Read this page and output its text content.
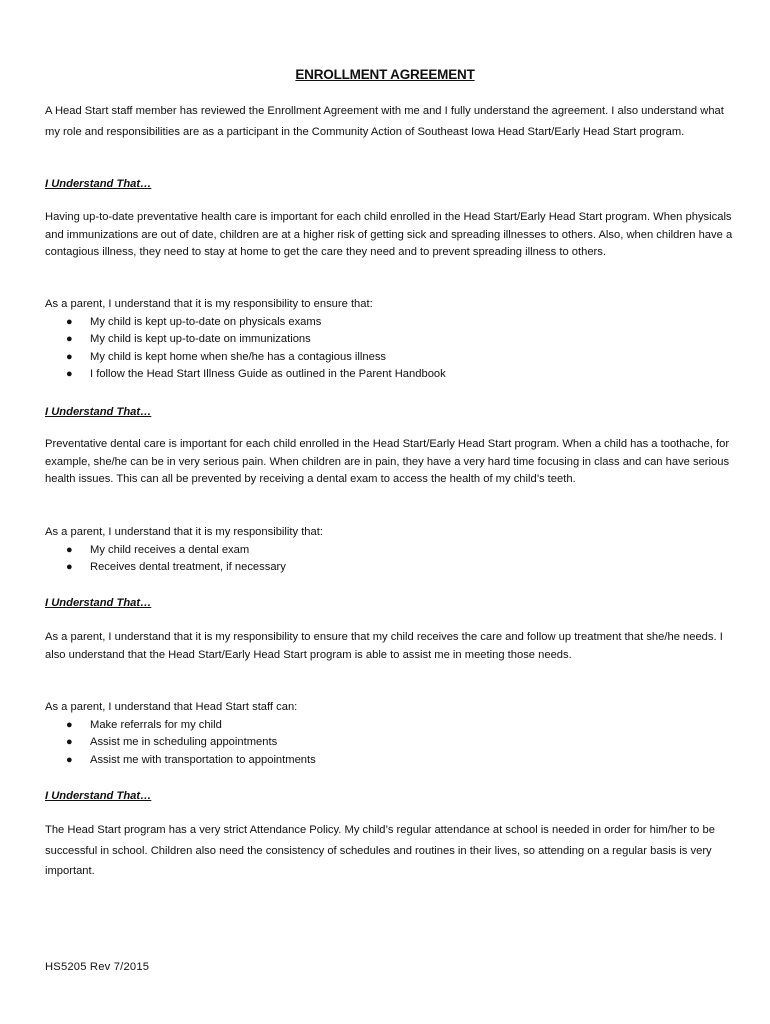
ENROLLMENT AGREEMENT

A Head Start staff member has reviewed the Enrollment Agreement with me and I fully understand the agreement. I also understand what my role and responsibilities are as a participant in the Community Action of Southeast Iowa Head Start/Early Head Start program.

I Understand That…

Having up-to-date preventative health care is important for each child enrolled in the Head Start/Early Head Start program. When physicals and immunizations are out of date, children are at a higher risk of getting sick and spreading illnesses to others. Also, when children have a contagious illness, they need to stay at home to get the care they need and to prevent spreading illness to others.

As a parent, I understand that it is my responsibility to ensure that:

● My child is kept up-to-date on physicals exams
● My child is kept up-to-date on immunizations
● My child is kept home when she/he has a contagious illness
● I follow the Head Start Illness Guide as outlined in the Parent Handbook

I Understand That…

Preventative dental care is important for each child enrolled in the Head Start/Early Head Start program. When a child has a toothache, for example, she/he can be in very serious pain. When children are in pain, they have a very hard time focusing in class and can have serious health issues. This can all be prevented by receiving a dental exam to access the health of my child’s teeth.

As a parent, I understand that it is my responsibility that:

● My child receives a dental exam
● Receives dental treatment, if necessary

I Understand That…

As a parent, I understand that it is my responsibility to ensure that my child receives the care and follow up treatment that she/he needs. I also understand that the Head Start/Early Head Start program is able to assist me in meeting those needs.

As a parent, I understand that Head Start staff can:

● Make referrals for my child
● Assist me in scheduling appointments
● Assist me with transportation to appointments

I Understand That…

The Head Start program has a very strict Attendance Policy. My child’s regular attendance at school is needed in order for him/her to be successful in school. Children also need the consistency of schedules and routines in their lives, so attending on a regular basis is very important.

HS5205 Rev 7/2015
